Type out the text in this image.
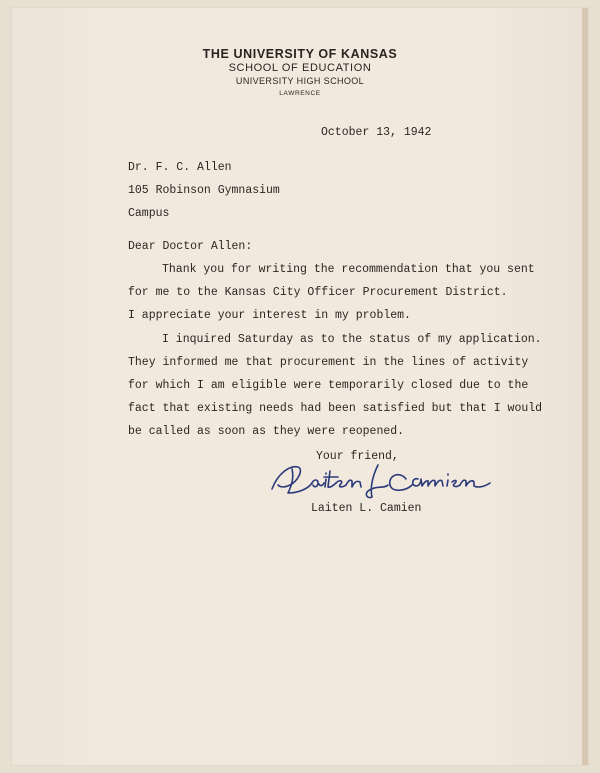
THE UNIVERSITY OF KANSAS
SCHOOL OF EDUCATION
UNIVERSITY HIGH SCHOOL
LAWRENCE
October 13, 1942
Dr. F. C. Allen
105 Robinson Gymnasium
Campus
Dear Doctor Allen:
Thank you for writing the recommendation that you sent
for me to the Kansas City Officer Procurement District.
I appreciate your interest in my problem.
I inquired Saturday as to the status of my application.
They informed me that procurement in the lines of activity
for which I am eligible were temporarily closed due to the
fact that existing needs had been satisfied but that I would
be called as soon as they were reopened.
Your friend,
Laiten L. Camien
